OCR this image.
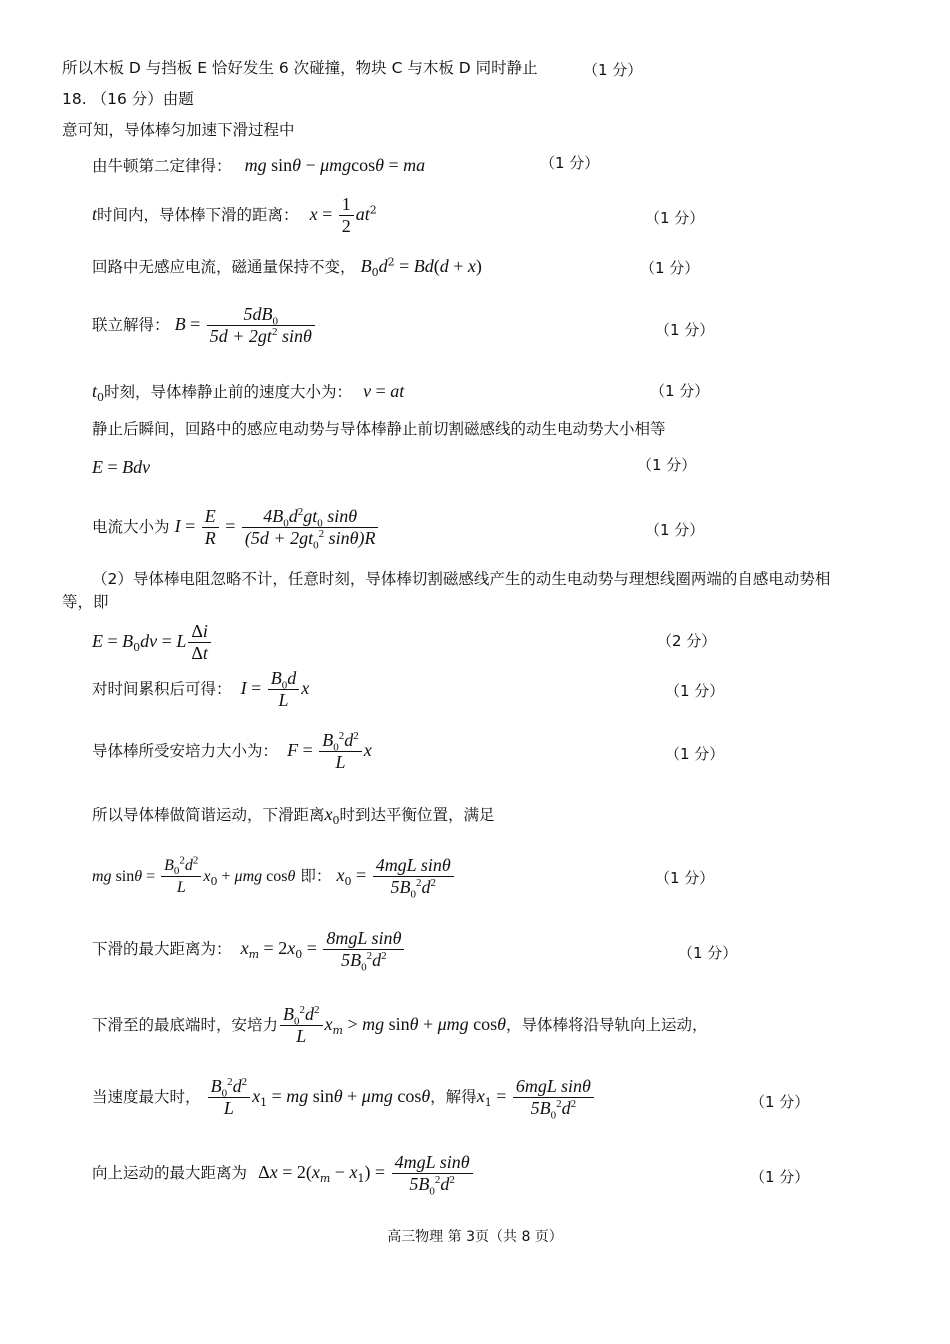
所以木板 D 与挡板 E 恰好发生 6 次碰撞，物块 C 与木板 D 同时静止	（1 分）
18. （16 分）由题
意可知，导体棒匀加速下滑过程中
由牛顿第二定律得： mg sinθ − μmgcosθ = ma	（1 分）
t时间内，导体棒下滑的距离： $x = \frac{1}{2} at^2$	（1 分）
回路中无感应电流，磁通量保持不变， $B_0d^2 = Bd(d + x)$	（1 分）
联立解得： $B = \frac{5dB_0}{5d + 2gt^2 \sin\theta}$	（1 分）
$t_0$时刻，导体棒静止前的速度大小为： v = at	（1 分）
静止后瞬间，回路中的感应电动势与导体棒静止前切割磁感线的动生电动势大小相等
E = Bdv	（1 分）
电流大小为 $I = \frac{E}{R} = \frac{4B_0d^2gt_0 \sin\theta}{(5d + 2gt_0^2 \sin\theta)R}$	（1 分）
（2）导体棒电阻忽略不计，任意时刻，导体棒切割磁感线产生的动生电动势与理想线圈两端的自感电动势相
等，即
$E = B_0dv = L \frac{\Delta i}{\Delta t}$	（2 分）
对时间累积后可得： $I = \frac{B_0d}{L}$ x	（1 分）
导体棒所受安培力大小为： $F = \frac{B_0^2d^2}{L}$ x	（1 分）
所以导体棒做简谐运动，下滑距离$x_0$时到达平衡位置，满足
mg $\sin\theta = \frac{B_0^2d^2}{L} x_0 + \mu mg$ cosθ 即： $x_0 = 4mgL$ sinθ
$5B_0^2d^2$	（1 分）
下滑的最大距离为： $x_m = 2x_0 = 8mgL$ sinθ
$5B_0^2d^2$	（1 分）
下滑至的最底端时，安培力 $\frac{B_0^2d^2}{L} x_m$ > mg sinθ + μmg cosθ，导体棒将沿导轨向上运动，
当速度最大时， $\frac{B_0^2d^2}{L} x_1$ = mg sinθ + μmg cosθ，解得$x_1 = 6mgL$ sinθ
$5B_0^2d^2$	（1 分）
向上运动的最大距离为 $\Delta x = 2(x_m - x_1) = 4mgL$ sinθ
$5B_0^2d^2$	（1 分）
高三物理 第 3页（共 8 页）
